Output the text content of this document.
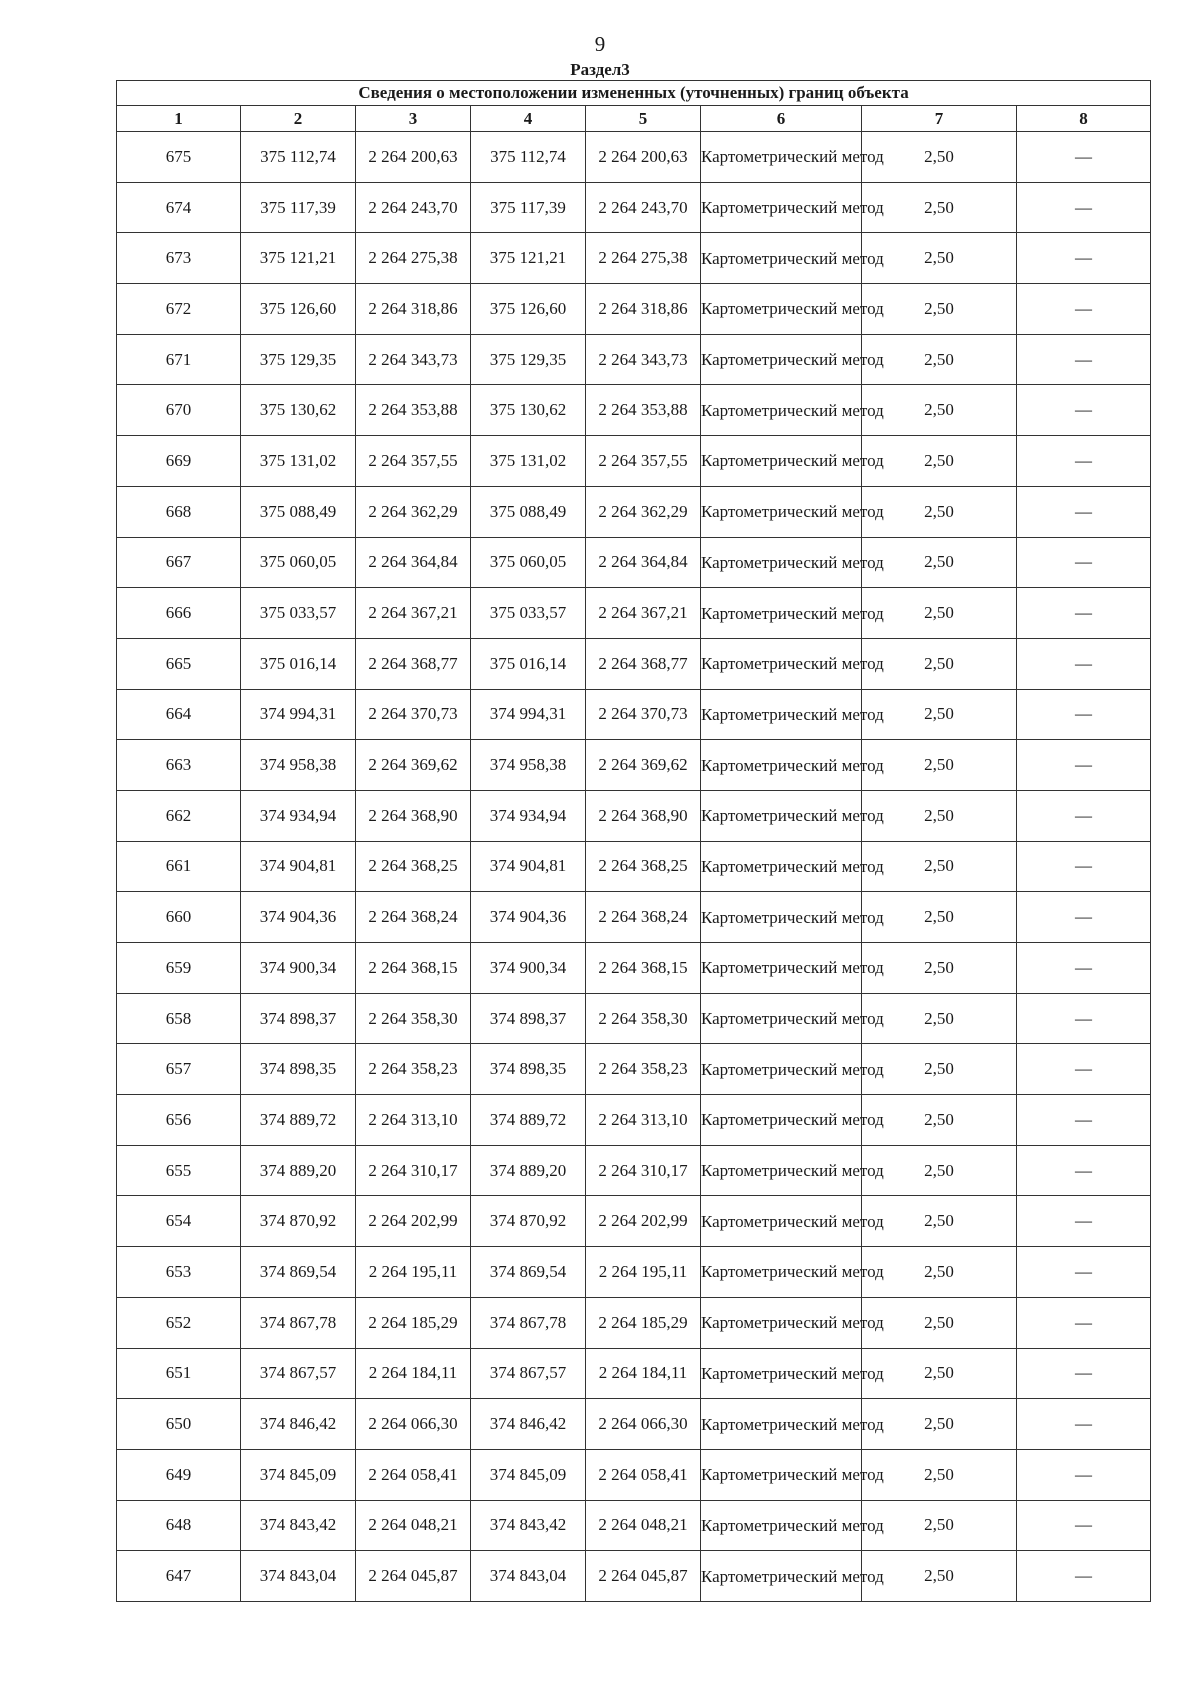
9
Раздел3
Сведения о местоположении измененных (уточненных) границ объекта							
1	2	3	4	5	6	7	8
675	375 112,74	2 264 200,63	375 112,74	2 264 200,63	Картометрический метод	2,50	—
674	375 117,39	2 264 243,70	375 117,39	2 264 243,70	Картометрический метод	2,50	—
673	375 121,21	2 264 275,38	375 121,21	2 264 275,38	Картометрический метод	2,50	—
672	375 126,60	2 264 318,86	375 126,60	2 264 318,86	Картометрический метод	2,50	—
671	375 129,35	2 264 343,73	375 129,35	2 264 343,73	Картометрический метод	2,50	—
670	375 130,62	2 264 353,88	375 130,62	2 264 353,88	Картометрический метод	2,50	—
669	375 131,02	2 264 357,55	375 131,02	2 264 357,55	Картометрический метод	2,50	—
668	375 088,49	2 264 362,29	375 088,49	2 264 362,29	Картометрический метод	2,50	—
667	375 060,05	2 264 364,84	375 060,05	2 264 364,84	Картометрический метод	2,50	—
666	375 033,57	2 264 367,21	375 033,57	2 264 367,21	Картометрический метод	2,50	—
665	375 016,14	2 264 368,77	375 016,14	2 264 368,77	Картометрический метод	2,50	—
664	374 994,31	2 264 370,73	374 994,31	2 264 370,73	Картометрический метод	2,50	—
663	374 958,38	2 264 369,62	374 958,38	2 264 369,62	Картометрический метод	2,50	—
662	374 934,94	2 264 368,90	374 934,94	2 264 368,90	Картометрический метод	2,50	—
661	374 904,81	2 264 368,25	374 904,81	2 264 368,25	Картометрический метод	2,50	—
660	374 904,36	2 264 368,24	374 904,36	2 264 368,24	Картометрический метод	2,50	—
659	374 900,34	2 264 368,15	374 900,34	2 264 368,15	Картометрический метод	2,50	—
658	374 898,37	2 264 358,30	374 898,37	2 264 358,30	Картометрический метод	2,50	—
657	374 898,35	2 264 358,23	374 898,35	2 264 358,23	Картометрический метод	2,50	—
656	374 889,72	2 264 313,10	374 889,72	2 264 313,10	Картометрический метод	2,50	—
655	374 889,20	2 264 310,17	374 889,20	2 264 310,17	Картометрический метод	2,50	—
654	374 870,92	2 264 202,99	374 870,92	2 264 202,99	Картометрический метод	2,50	—
653	374 869,54	2 264 195,11	374 869,54	2 264 195,11	Картометрический метод	2,50	—
652	374 867,78	2 264 185,29	374 867,78	2 264 185,29	Картометрический метод	2,50	—
651	374 867,57	2 264 184,11	374 867,57	2 264 184,11	Картометрический метод	2,50	—
650	374 846,42	2 264 066,30	374 846,42	2 264 066,30	Картометрический метод	2,50	—
649	374 845,09	2 264 058,41	374 845,09	2 264 058,41	Картометрический метод	2,50	—
648	374 843,42	2 264 048,21	374 843,42	2 264 048,21	Картометрический метод	2,50	—
647	374 843,04	2 264 045,87	374 843,04	2 264 045,87	Картометрический метод	2,50	—
